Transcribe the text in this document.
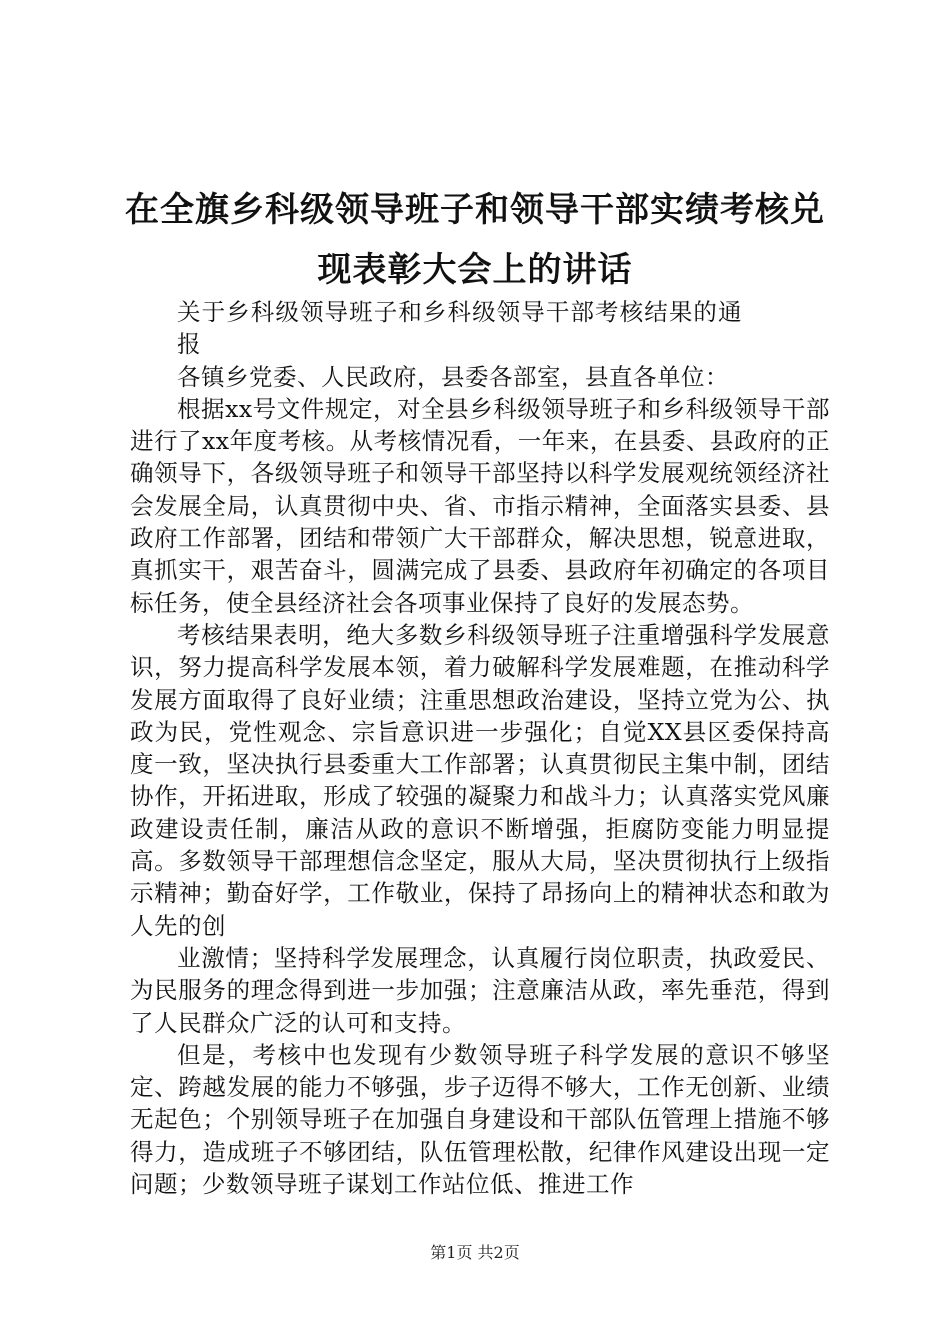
在全旗乡科级领导班子和领导干部实绩考核兑
现表彰大会上的讲话

关于乡科级领导班子和乡科级领导干部考核结果的通报

各镇乡党委、人民政府，县委各部室，县直各单位：

根据xx号文件规定，对全县乡科级领导班子和乡科级领导干部进行了xx年度考核。从考核情况看，一年来，在县委、县政府的正确领导下，各级领导班子和领导干部坚持以科学发展观统领经济社会发展全局，认真贯彻中央、省、市指示精神，全面落实县委、县政府工作部署，团结和带领广大干部群众，解决思想，锐意进取，真抓实干，艰苦奋斗，圆满完成了县委、县政府年初确定的各项目标任务，使全县经济社会各项事业保持了良好的发展态势。

考核结果表明，绝大多数乡科级领导班子注重增强科学发展意识，努力提高科学发展本领，着力破解科学发展难题，在推动科学发展方面取得了良好业绩；注重思想政治建设，坚持立党为公、执政为民，党性观念、宗旨意识进一步强化；自觉XX县区委保持高度一致，坚决执行县委重大工作部署；认真贯彻民主集中制，团结协作，开拓进取，形成了较强的凝聚力和战斗力；认真落实党风廉政建设责任制，廉洁从政的意识不断增强，拒腐防变能力明显提高。多数领导干部理想信念坚定，服从大局，坚决贯彻执行上级指示精神；勤奋好学，工作敬业，保持了昂扬向上的精神状态和敢为人先的创

业激情；坚持科学发展理念，认真履行岗位职责，执政爱民、为民服务的理念得到进一步加强；注意廉洁从政，率先垂范，得到了人民群众广泛的认可和支持。

但是，考核中也发现有少数领导班子科学发展的意识不够坚定、跨越发展的能力不够强，步子迈得不够大，工作无创新、业绩无起色；个别领导班子在加强自身建设和干部队伍管理上措施不够得力，造成班子不够团结，队伍管理松散，纪律作风建设出现一定问题；少数领导班子谋划工作站位低、推进工作

第1页 共2页
